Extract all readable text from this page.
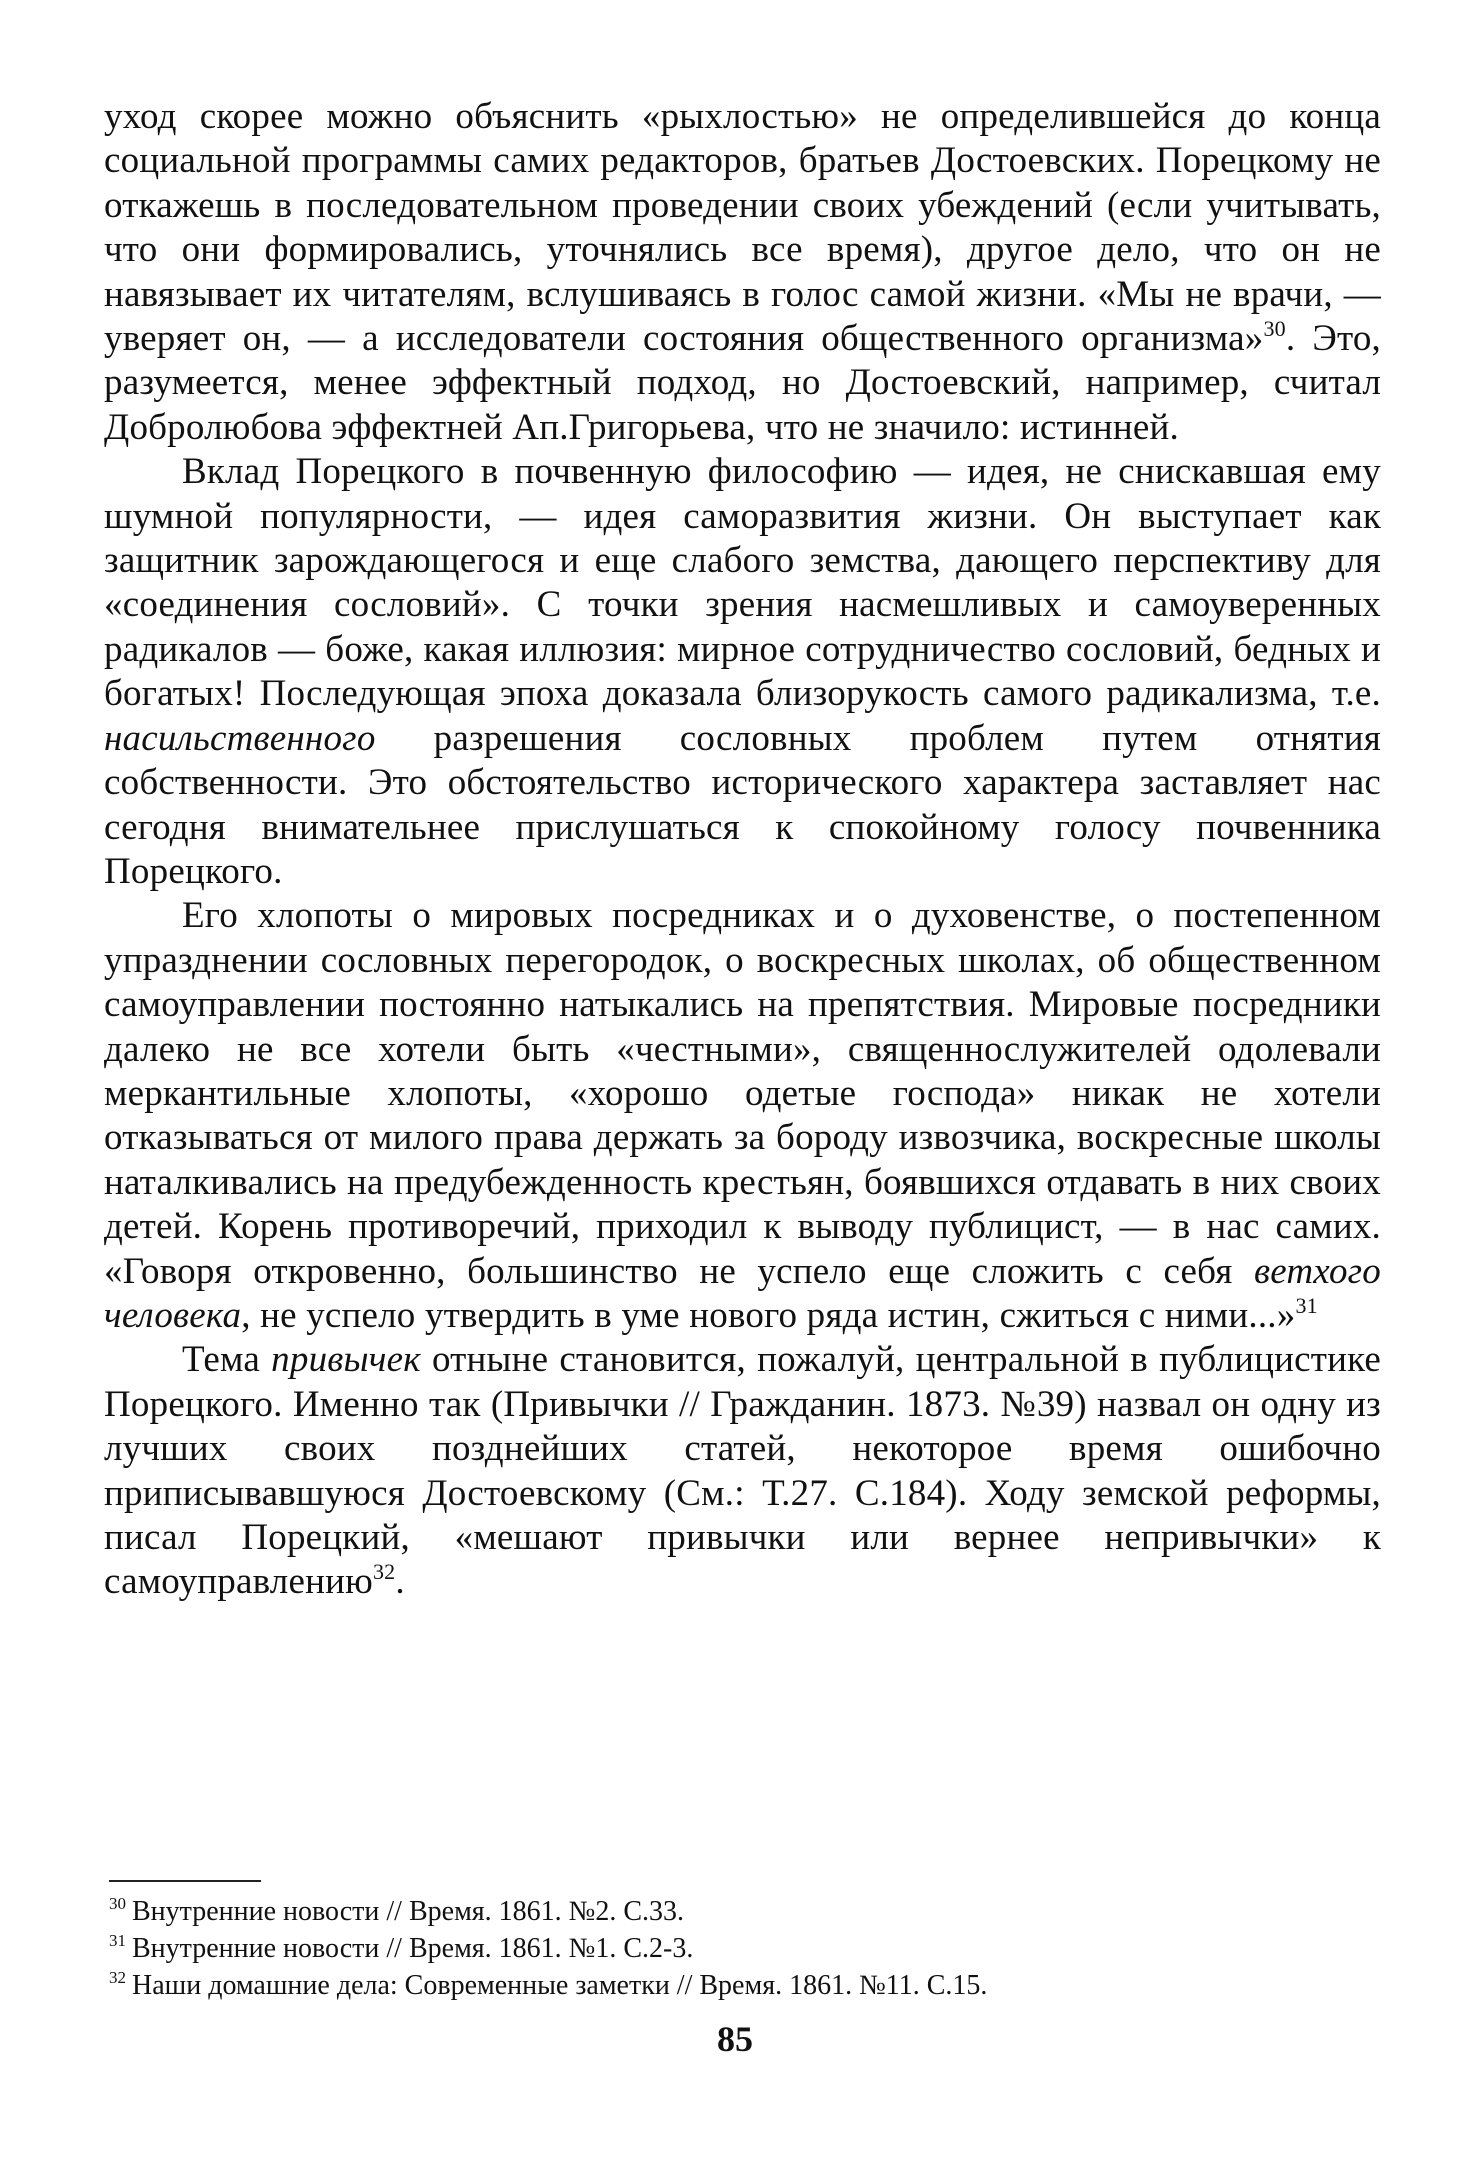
уход скорее можно объяснить «рыхлостью» не определившейся до конца социальной программы самих редакторов, братьев Достоевских. Порецкому не откажешь в последовательном проведении своих убеждений (если учитывать, что они формировались, уточнялись все время), другое дело, что он не навязывает их читателям, вслушиваясь в голос самой жизни. «Мы не врачи, — уверяет он, — а исследователи состояния общественного организма»$^{30}$. Это, разумеется, менее эффектный подход, но Достоевский, например, считал Добролюбова эффектней Ап.Григорьева, что не значило: истинней.

Вклад Порецкого в почвенную философию — идея, не снискавшая ему шумной популярности, — идея саморазвития жизни. Он выступает как защитник зарождающегося и еще слабого земства, дающего перспективу для «соединения сословий». С точки зрения насмешливых и самоуверенных радикалов — боже, какая иллюзия: мирное сотрудничество сословий, бедных и богатых! Последующая эпоха доказала близорукость самого радикализма, т.е. насильственного разрешения сословных проблем путем отнятия собственности. Это обстоятельство исторического характера заставляет нас сегодня внимательнее прислушаться к спокойному голосу почвенника Порецкого.

Его хлопоты о мировых посредниках и о духовенстве, о постепенном упразднении сословных перегородок, о воскресных школах, об общественном самоуправлении постоянно натыкались на препятствия. Мировые посредники далеко не все хотели быть «честными», священнослужителей одолевали меркантильные хлопоты, «хорошо одетые господа» никак не хотели отказываться от милого права держать за бороду извозчика, воскресные школы наталкивались на предубежденность крестьян, боявшихся отдавать в них своих детей. Корень противоречий, приходил к выводу публицист, — в нас самих. «Говоря откровенно, большинство не успело еще сложить с себя ветхого человека, не успело утвердить в уме нового ряда истин, сжиться с ними...»$^{31}$

Тема привычек отныне становится, пожалуй, центральной в публицистике Порецкого. Именно так (Привычки // Гражданин. 1873. №39) назвал он одну из лучших своих позднейших статей, некоторое время ошибочно приписывавшуюся Достоевскому (См.: Т.27. С.184). Ходу земской реформы, писал Порецкий, «мешают привычки или вернее непривычки» к самоуправлению$^{32}$.

$^{30}$ Внутренние новости // Время. 1861. №2. С.33.

$^{31}$ Внутренние новости // Время. 1861. №1. С.2-3.

$^{32}$ Наши домашние дела: Современные заметки // Время. 1861. №11. С.15.

85
